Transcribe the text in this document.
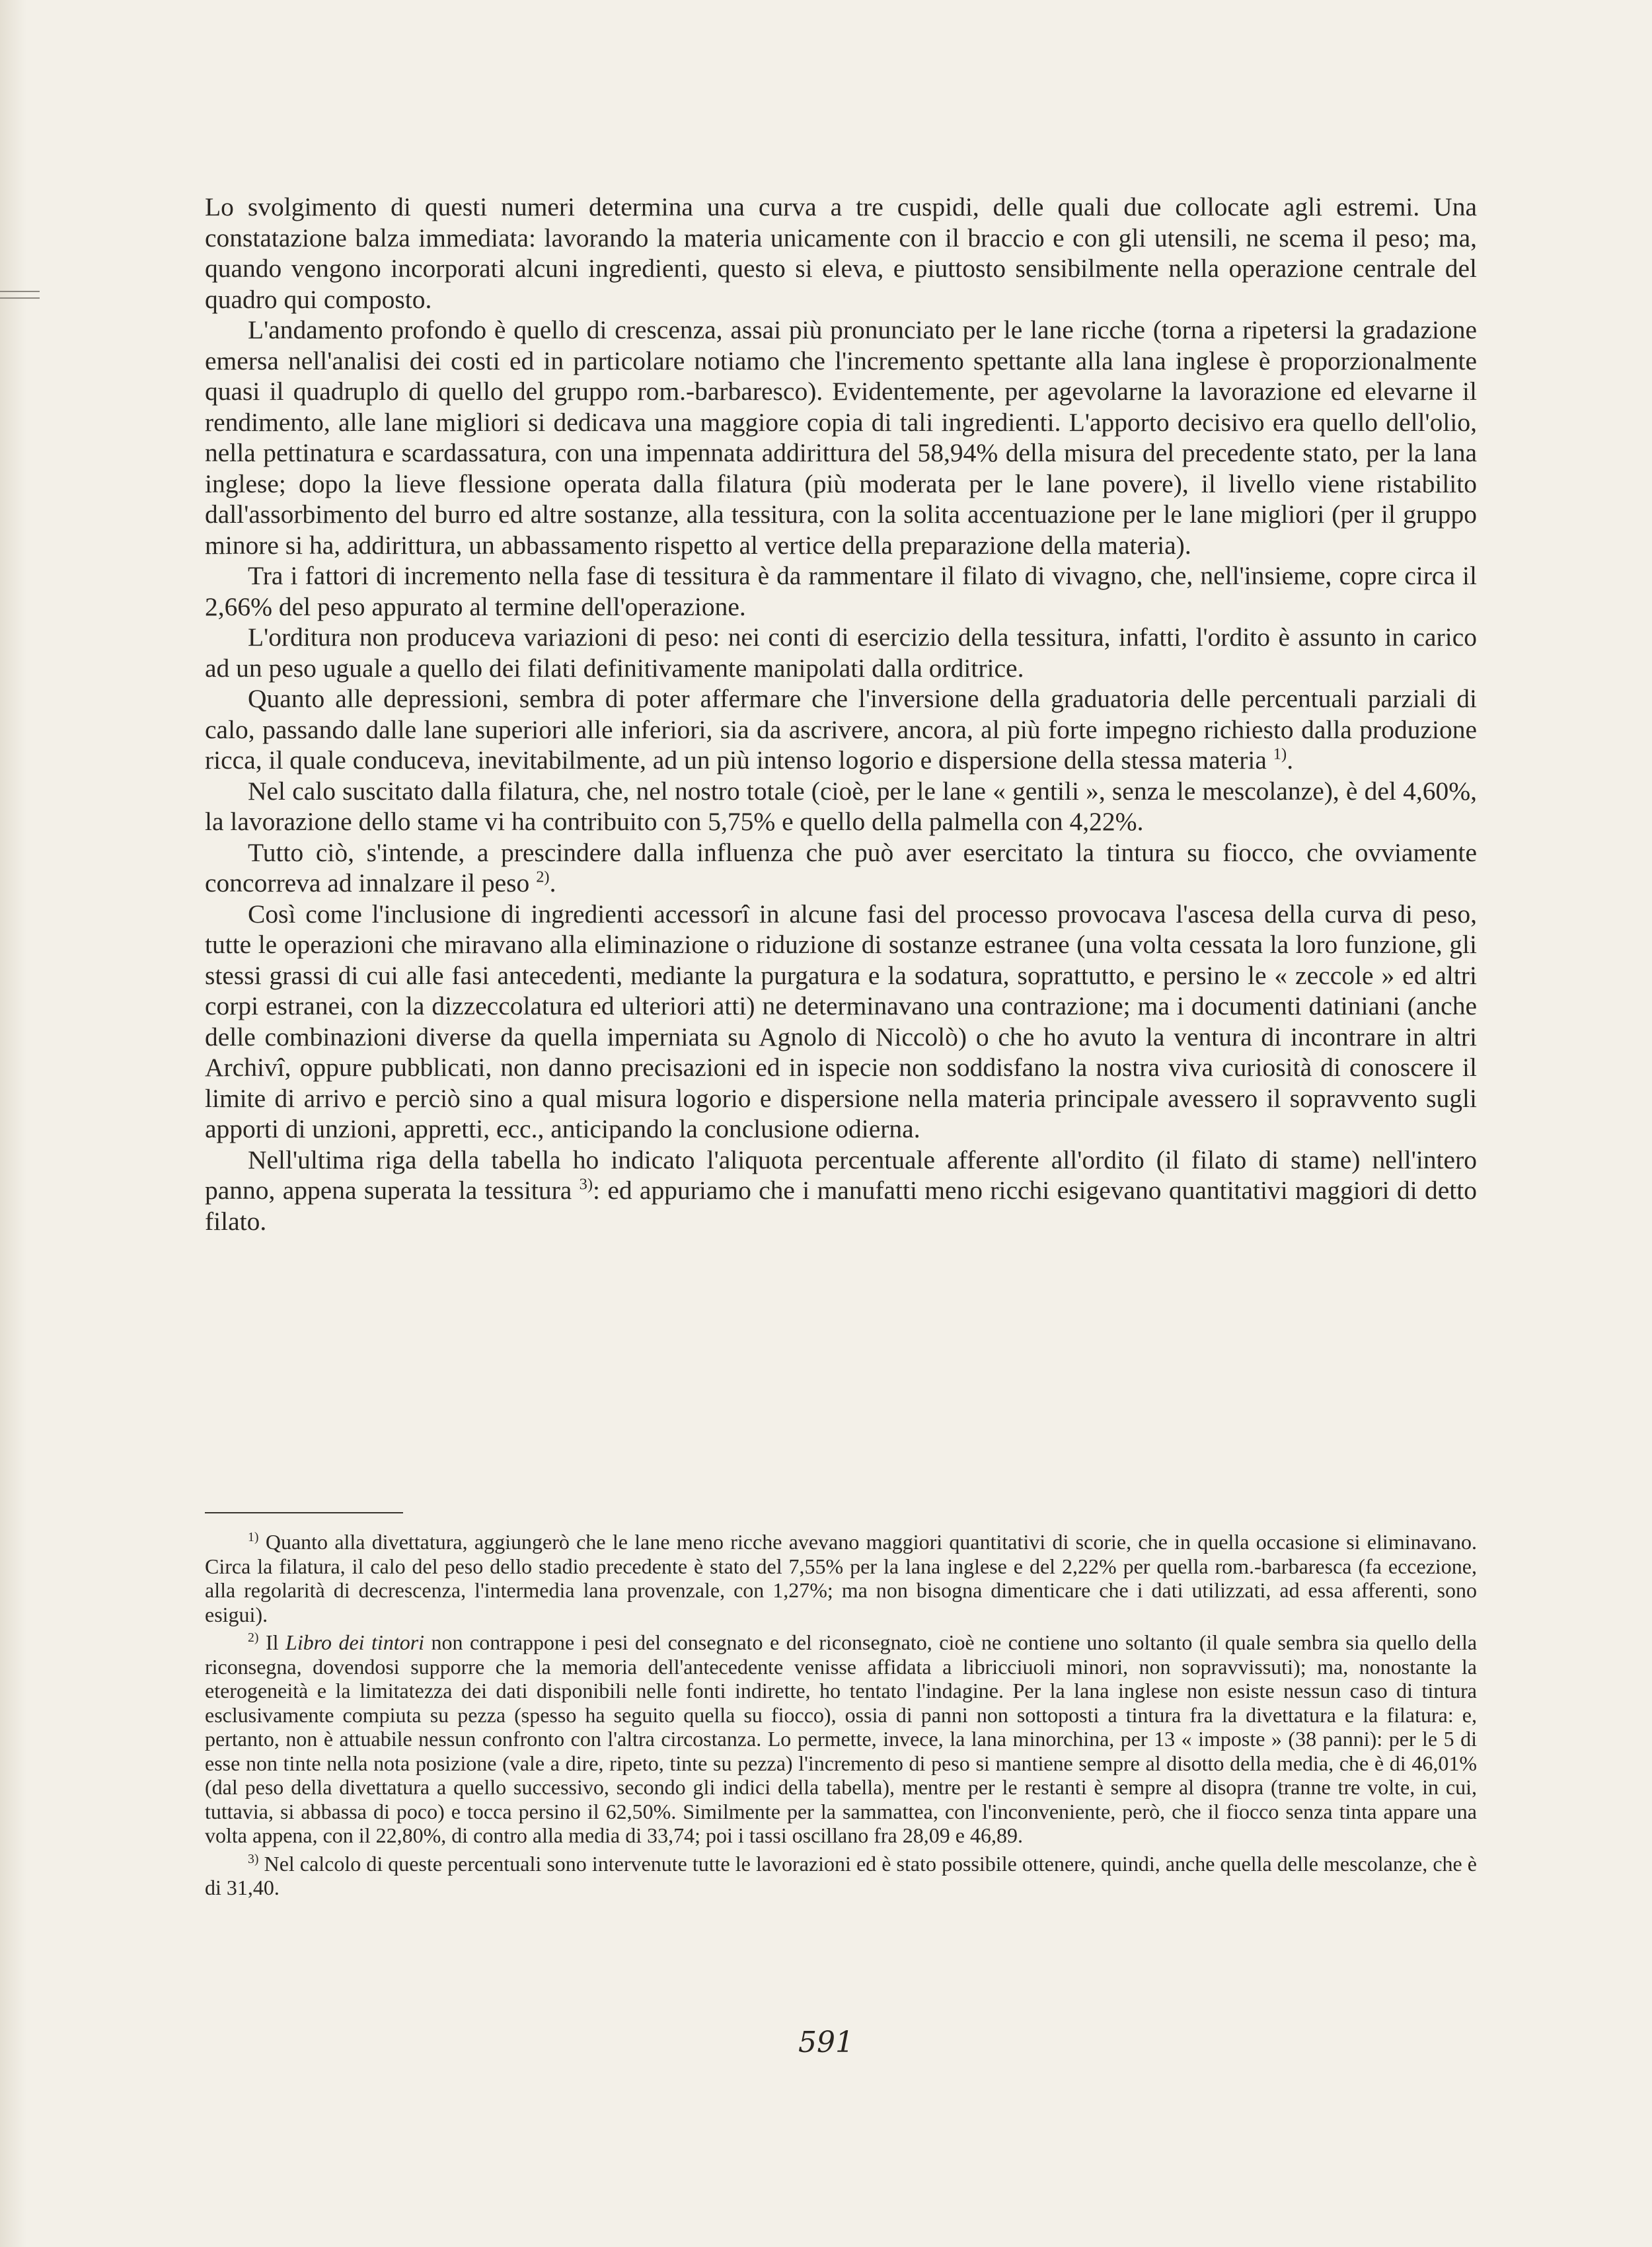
Lo svolgimento di questi numeri determina una curva a tre cuspidi, delle quali due collocate agli estremi. Una constatazione balza immediata: lavorando la materia unicamente con il braccio e con gli utensili, ne scema il peso; ma, quando vengono incorporati alcuni ingredienti, questo si eleva, e piuttosto sensibilmente nella operazione centrale del quadro qui composto.

L'andamento profondo è quello di crescenza, assai più pronunciato per le lane ricche (torna a ripetersi la gradazione emersa nell'analisi dei costi ed in particolare notiamo che l'incremento spettante alla lana inglese è proporzionalmente quasi il quadruplo di quello del gruppo rom.-barbaresco). Evidentemente, per agevolarne la lavorazione ed elevarne il rendimento, alle lane migliori si dedicava una maggiore copia di tali ingredienti. L'apporto decisivo era quello dell'olio, nella pettinatura e scardassatura, con una impennata addirittura del 58,94% della misura del precedente stato, per la lana inglese; dopo la lieve flessione operata dalla filatura (più moderata per le lane povere), il livello viene ristabilito dall'assorbimento del burro ed altre sostanze, alla tessitura, con la solita accentuazione per le lane migliori (per il gruppo minore si ha, addirittura, un abbassamento rispetto al vertice della preparazione della materia).

Tra i fattori di incremento nella fase di tessitura è da rammentare il filato di vivagno, che, nell'insieme, copre circa il 2,66% del peso appurato al termine dell'operazione.

L'orditura non produceva variazioni di peso: nei conti di esercizio della tessitura, infatti, l'ordito è assunto in carico ad un peso uguale a quello dei filati definitivamente manipolati dalla orditrice.

Quanto alle depressioni, sembra di poter affermare che l'inversione della graduatoria delle percentuali parziali di calo, passando dalle lane superiori alle inferiori, sia da ascrivere, ancora, al più forte impegno richiesto dalla produzione ricca, il quale conduceva, inevitabilmente, ad un più intenso logorio e dispersione della stessa materia $^{1)}$.

Nel calo suscitato dalla filatura, che, nel nostro totale (cioè, per le lane « gentili », senza le mescolanze), è del 4,60%, la lavorazione dello stame vi ha contribuito con 5,75% e quello della palmella con 4,22%.

Tutto ciò, s'intende, a prescindere dalla influenza che può aver esercitato la tintura su fiocco, che ovviamente concorreva ad innalzare il peso $^{2)}$.

Così come l'inclusione di ingredienti accessorî in alcune fasi del processo provocava l'ascesa della curva di peso, tutte le operazioni che miravano alla eliminazione o riduzione di sostanze estranee (una volta cessata la loro funzione, gli stessi grassi di cui alle fasi antecedenti, mediante la purgatura e la sodatura, soprattutto, e persino le « zeccole » ed altri corpi estranei, con la dizzeccolatura ed ulteriori atti) ne determinavano una contrazione; ma i documenti datiniani (anche delle combinazioni diverse da quella imperniata su Agnolo di Niccolò) o che ho avuto la ventura di incontrare in altri Archivî, oppure pubblicati, non danno precisazioni ed in ispecie non soddisfano la nostra viva curiosità di conoscere il limite di arrivo e perciò sino a qual misura logorio e dispersione nella materia principale avessero il sopravvento sugli apporti di unzioni, appretti, ecc., anticipando la conclusione odierna.

Nell'ultima riga della tabella ho indicato l'aliquota percentuale afferente all'ordito (il filato di stame) nell'intero panno, appena superata la tessitura $^{3)}$: ed appuriamo che i manufatti meno ricchi esigevano quantitativi maggiori di detto filato.

$^{1)}$ Quanto alla divettatura, aggiungerò che le lane meno ricche avevano maggiori quantitativi di scorie, che in quella occasione si eliminavano. Circa la filatura, il calo del peso dello stadio precedente è stato del 7,55% per la lana inglese e del 2,22% per quella rom.-barbaresca (fa eccezione, alla regolarità di decrescenza, l'intermedia lana provenzale, con 1,27%; ma non bisogna dimenticare che i dati utilizzati, ad essa afferenti, sono esigui).

$^{2)}$ Il Libro dei tintori non contrappone i pesi del consegnato e del riconsegnato, cioè ne contiene uno soltanto (il quale sembra sia quello della riconsegna, dovendosi supporre che la memoria dell'antecedente venisse affidata a libricciuoli minori, non sopravvissuti); ma, nonostante la eterogeneità e la limitatezza dei dati disponibili nelle fonti indirette, ho tentato l'indagine. Per la lana inglese non esiste nessun caso di tintura esclusivamente compiuta su pezza (spesso ha seguito quella su fiocco), ossia di panni non sottoposti a tintura fra la divettatura e la filatura: e, pertanto, non è attuabile nessun confronto con l'altra circostanza. Lo permette, invece, la lana minorchina, per 13 « imposte » (38 panni): per le 5 di esse non tinte nella nota posizione (vale a dire, ripeto, tinte su pezza) l'incremento di peso si mantiene sempre al disotto della media, che è di 46,01% (dal peso della divettatura a quello successivo, secondo gli indici della tabella), mentre per le restanti è sempre al disopra (tranne tre volte, in cui, tuttavia, si abbassa di poco) e tocca persino il 62,50%. Similmente per la sammattea, con l'inconveniente, però, che il fiocco senza tinta appare una volta appena, con il 22,80%, di contro alla media di 33,74; poi i tassi oscillano fra 28,09 e 46,89.

$^{3)}$ Nel calcolo di queste percentuali sono intervenute tutte le lavorazioni ed è stato possibile ottenere, quindi, anche quella delle mescolanze, che è di 31,40.

591
